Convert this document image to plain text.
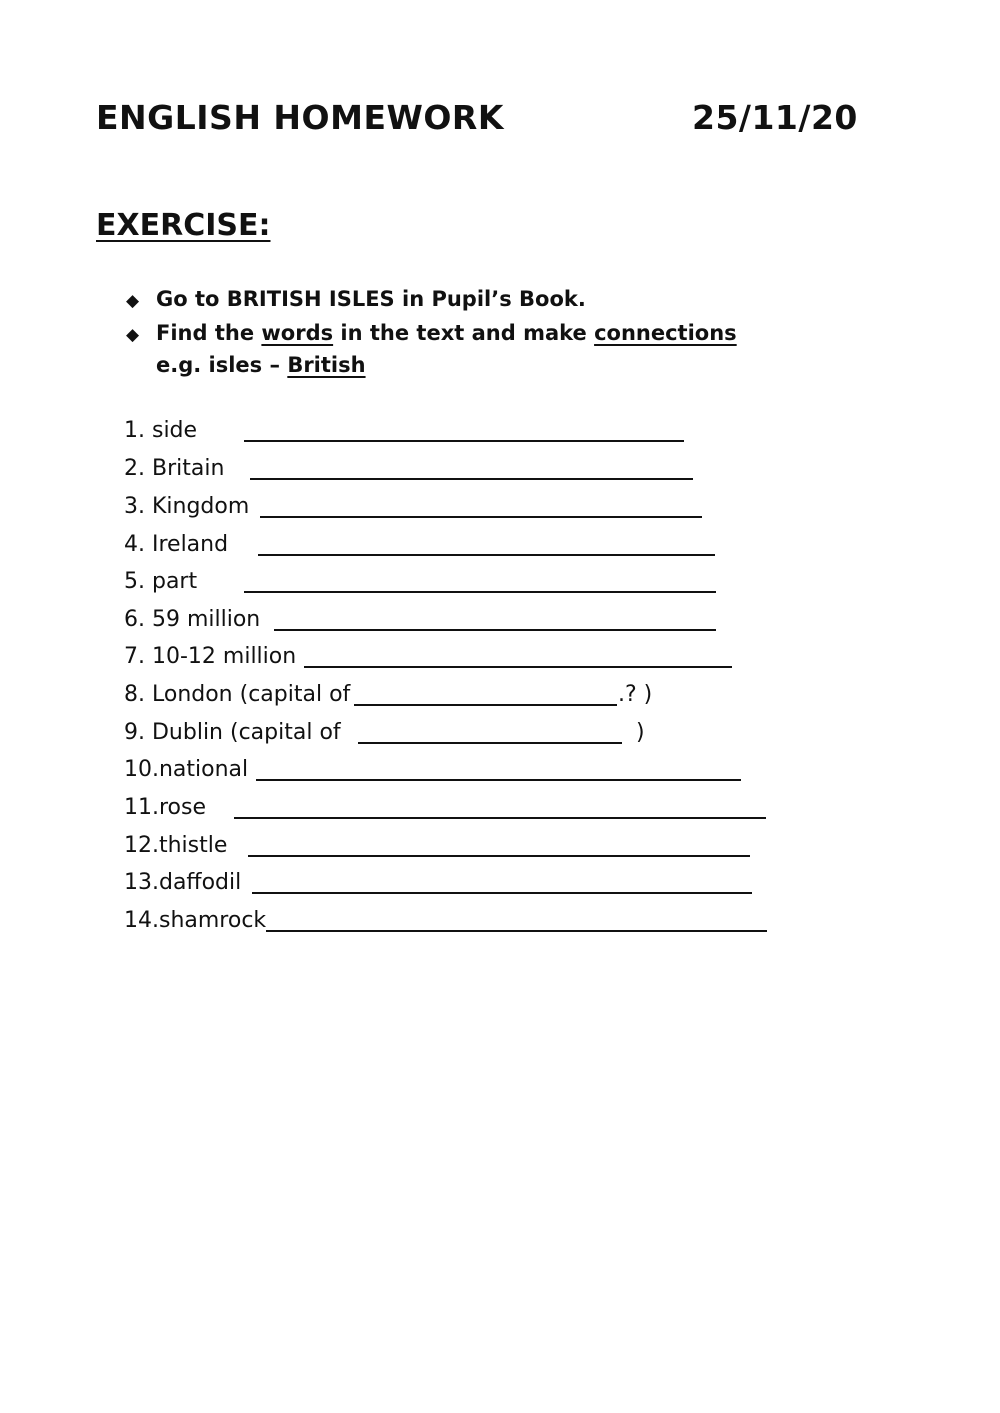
ENGLISH HOMEWORK	25/11/20
EXERCISE:
◆ Go to BRITISH ISLES in Pupil’s Book.
◆ Find the words in the text and make connections
e.g. isles – British
1. side
2. Britain
3. Kingdom
4. Ireland
5. part
6. 59 million
7. 10-12 million
8. London (capital of	.? )
9. Dublin (capital of	)
10.national
11.rose
12.thistle
13.daffodil
14.shamrock
